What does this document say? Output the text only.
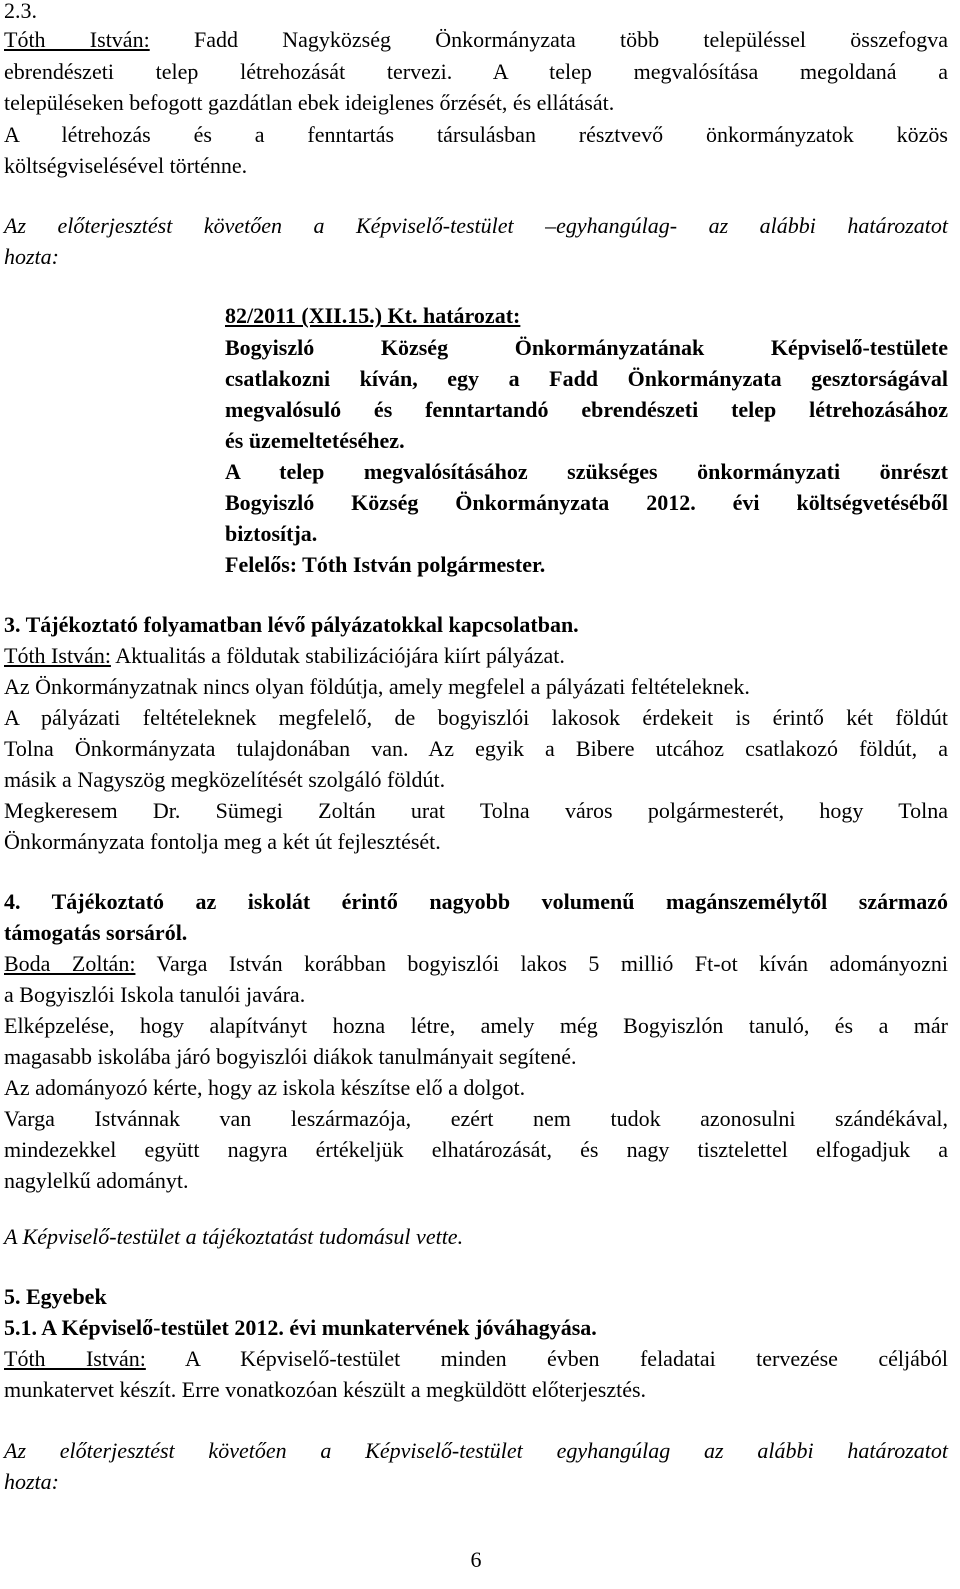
2.3.
Tóth István: Fadd Nagyközség Önkormányzata több településsel összefogva
ebrendészeti telep létrehozását tervezi. A telep megvalósítása megoldaná a
településeken befogott gazdátlan ebek ideiglenes őrzését, és ellátását.
A létrehozás és a fenntartás társulásban résztvevő önkormányzatok közös
költségviselésével történne.
Az előterjesztést követően a Képviselő-testület –egyhangúlag- az alábbi határozatot
hozta:
82/2011 (XII.15.) Kt. határozat:
Bogyiszló Község Önkormányzatának Képviselő-testülete
csatlakozni kíván, egy a Fadd Önkormányzata gesztorságával
megvalósuló és fenntartandó ebrendészeti telep létrehozásához
és üzemeltetéséhez.
A telep megvalósításához szükséges önkormányzati önrészt
Bogyiszló Község Önkormányzata 2012. évi költségvetéséből
biztosítja.
Felelős: Tóth István polgármester.
3. Tájékoztató folyamatban lévő pályázatokkal kapcsolatban.
Tóth István: Aktualitás a földutak stabilizációjára kiírt pályázat.
Az Önkormányzatnak nincs olyan földútja, amely megfelel a pályázati feltételeknek.
A pályázati feltételeknek megfelelő, de bogyiszlói lakosok érdekeit is érintő két földút
Tolna Önkormányzata tulajdonában van. Az egyik a Bibere utcához csatlakozó földút, a
másik a Nagyszög megközelítését szolgáló földút.
Megkeresem Dr. Sümegi Zoltán urat Tolna város polgármesterét, hogy Tolna
Önkormányzata fontolja meg a két út fejlesztését.
4. Tájékoztató az iskolát érintő nagyobb volumenű magánszemélytől származó
támogatás sorsáról.
Boda Zoltán: Varga István korábban bogyiszlói lakos 5 millió Ft-ot kíván adományozni
a Bogyiszlói Iskola tanulói javára.
Elképzelése, hogy alapítványt hozna létre, amely még Bogyiszlón tanuló, és a már
magasabb iskolába járó bogyiszlói diákok tanulmányait segítené.
Az adományozó kérte, hogy az iskola készítse elő a dolgot.
Varga Istvánnak van leszármazója, ezért nem tudok azonosulni szándékával,
mindezekkel együtt nagyra értékeljük elhatározását, és nagy tisztelettel elfogadjuk a
nagylelkű adományt.
A Képviselő-testület a tájékoztatást tudomásul vette.
5. Egyebek
5.1. A Képviselő-testület 2012. évi munkatervének jóváhagyása.
Tóth István: A Képviselő-testület minden évben feladatai tervezése céljából
munkatervet készít. Erre vonatkozóan készült a megküldött előterjesztés.
Az előterjesztést követően a Képviselő-testület egyhangúlag az alábbi határozatot
hozta:
6
